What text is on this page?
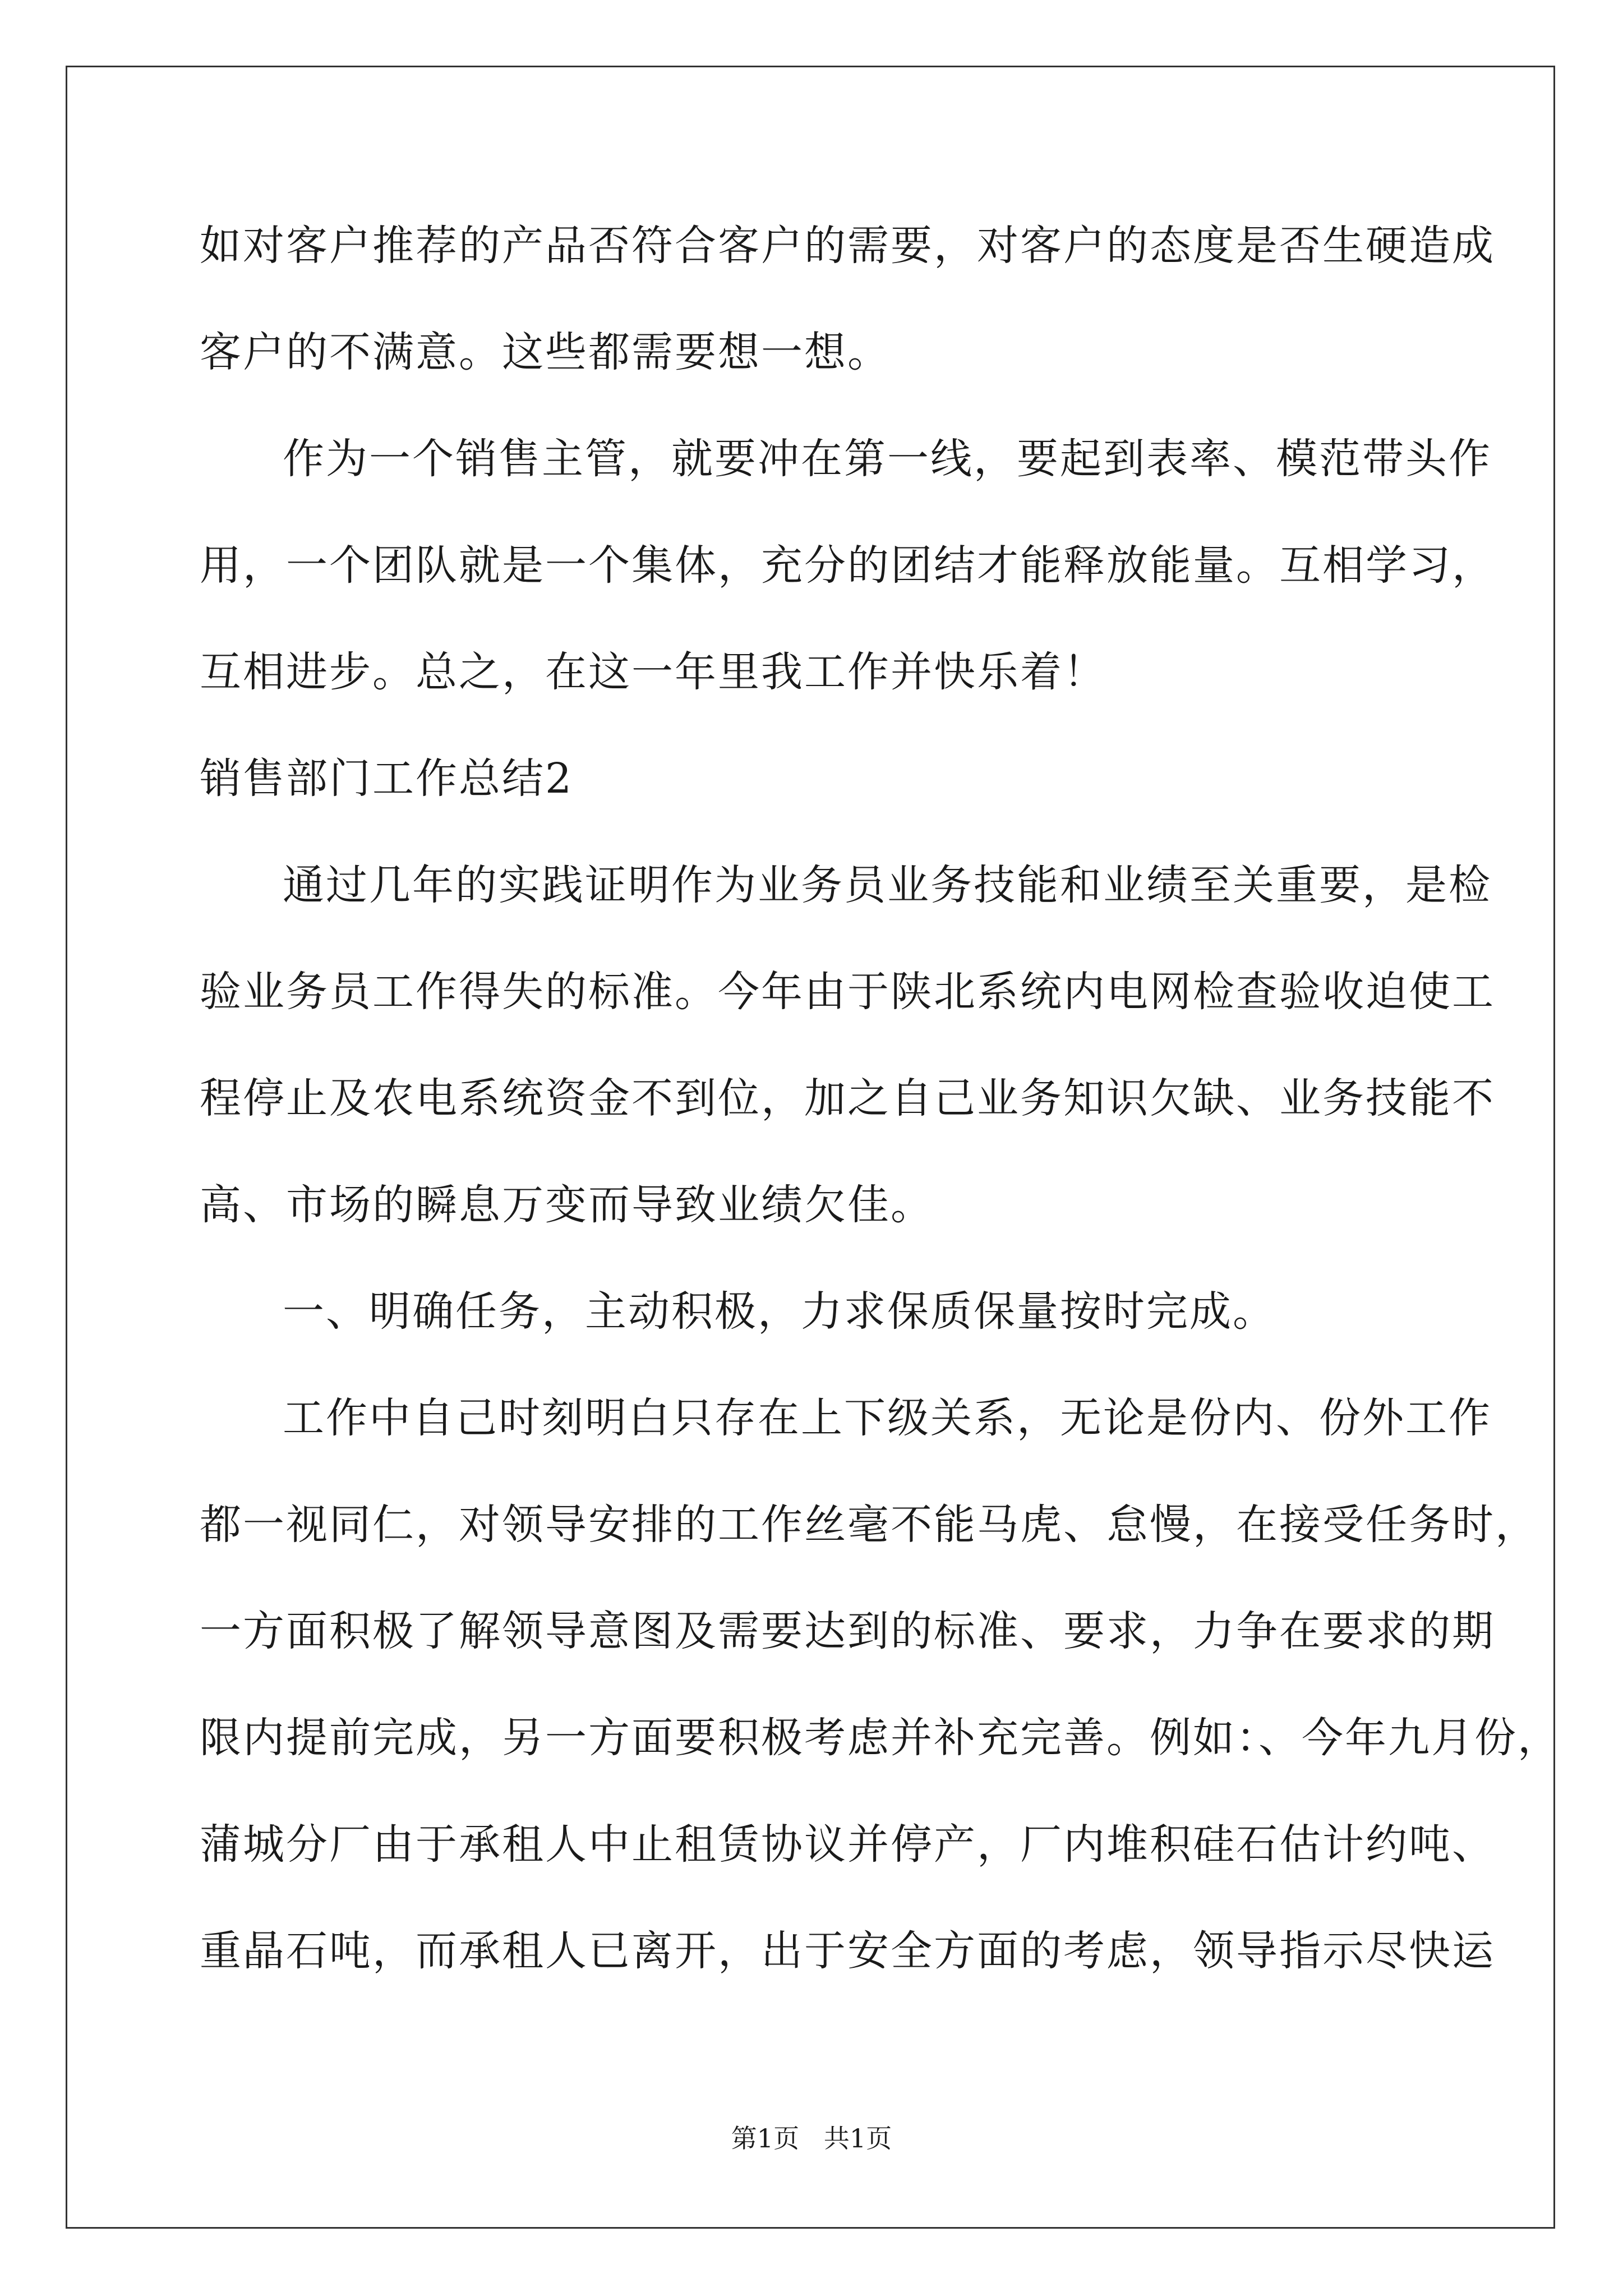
如对客户推荐的产品否符合客户的需要，对客户的态度是否生硬造成
客户的不满意。这些都需要想一想。
作为一个销售主管，就要冲在第一线，要起到表率、模范带头作
用，一个团队就是一个集体，充分的团结才能释放能量。互相学习，
互相进步。总之，在这一年里我工作并快乐着！
销售部门工作总结2
通过几年的实践证明作为业务员业务技能和业绩至关重要，是检
验业务员工作得失的标准。今年由于陕北系统内电网检查验收迫使工
程停止及农电系统资金不到位，加之自己业务知识欠缺、业务技能不
高、市场的瞬息万变而导致业绩欠佳。
一、明确任务，主动积极，力求保质保量按时完成。
工作中自己时刻明白只存在上下级关系，无论是份内、份外工作
都一视同仁，对领导安排的工作丝毫不能马虎、怠慢，在接受任务时，
一方面积极了解领导意图及需要达到的标准、要求，力争在要求的期
限内提前完成，另一方面要积极考虑并补充完善。例如：、今年九月份，
蒲城分厂由于承租人中止租赁协议并停产，厂内堆积硅石估计约吨、
重晶石吨，而承租人已离开，出于安全方面的考虑，领导指示尽快运
第1页   共1页
